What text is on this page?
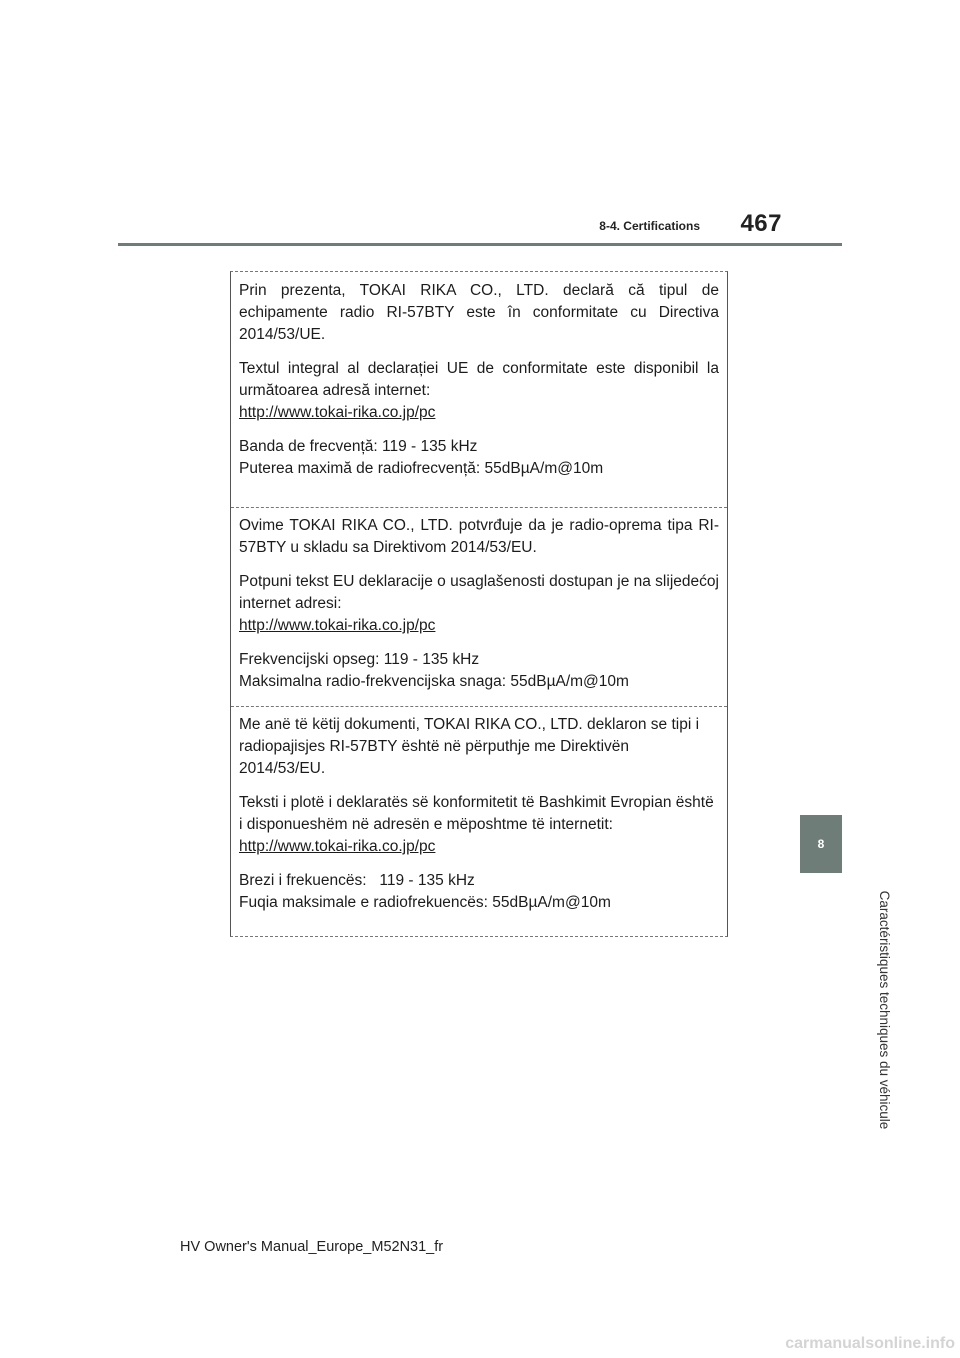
8-4. Certifications	467

Prin prezenta, TOKAI RIKA CO., LTD. declară că tipul de echipamente radio RI-57BTY este în conformitate cu Directiva 2014/53/UE.

Textul integral al declarației UE de conformitate este disponibil la următoarea adresă internet:
http://www.tokai-rika.co.jp/pc

Banda de frecvență: 119 - 135 kHz
Puterea maximă de radiofrecvență: 55dBµA/m@10m

Ovime TOKAI RIKA CO., LTD. potvrđuje da je radio-oprema tipa RI-57BTY u skladu sa Direktivom 2014/53/EU.

Potpuni tekst EU deklaracije o usaglašenosti dostupan je na slijedećoj internet adresi:
http://www.tokai-rika.co.jp/pc

Frekvencijski opseg: 119 - 135 kHz
Maksimalna radio-frekvencijska snaga: 55dBµA/m@10m

Me anë të këtij dokumenti, TOKAI RIKA CO., LTD. deklaron se tipi i radiopajisjes RI-57BTY është në përputhje me Direktivën 2014/53/EU.

Teksti i plotë i deklaratës së konformitetit të Bashkimit Evropian është i disponueshëm në adresën e mëposhtme të internetit:
http://www.tokai-rika.co.jp/pc

Brezi i frekuencës:   119 - 135 kHz
Fuqia maksimale e radiofrekuencës: 55dBµA/m@10m

8
Caractéristiques techniques du véhicule
HV Owner's Manual_Europe_M52N31_fr
carmanualsonline.info
